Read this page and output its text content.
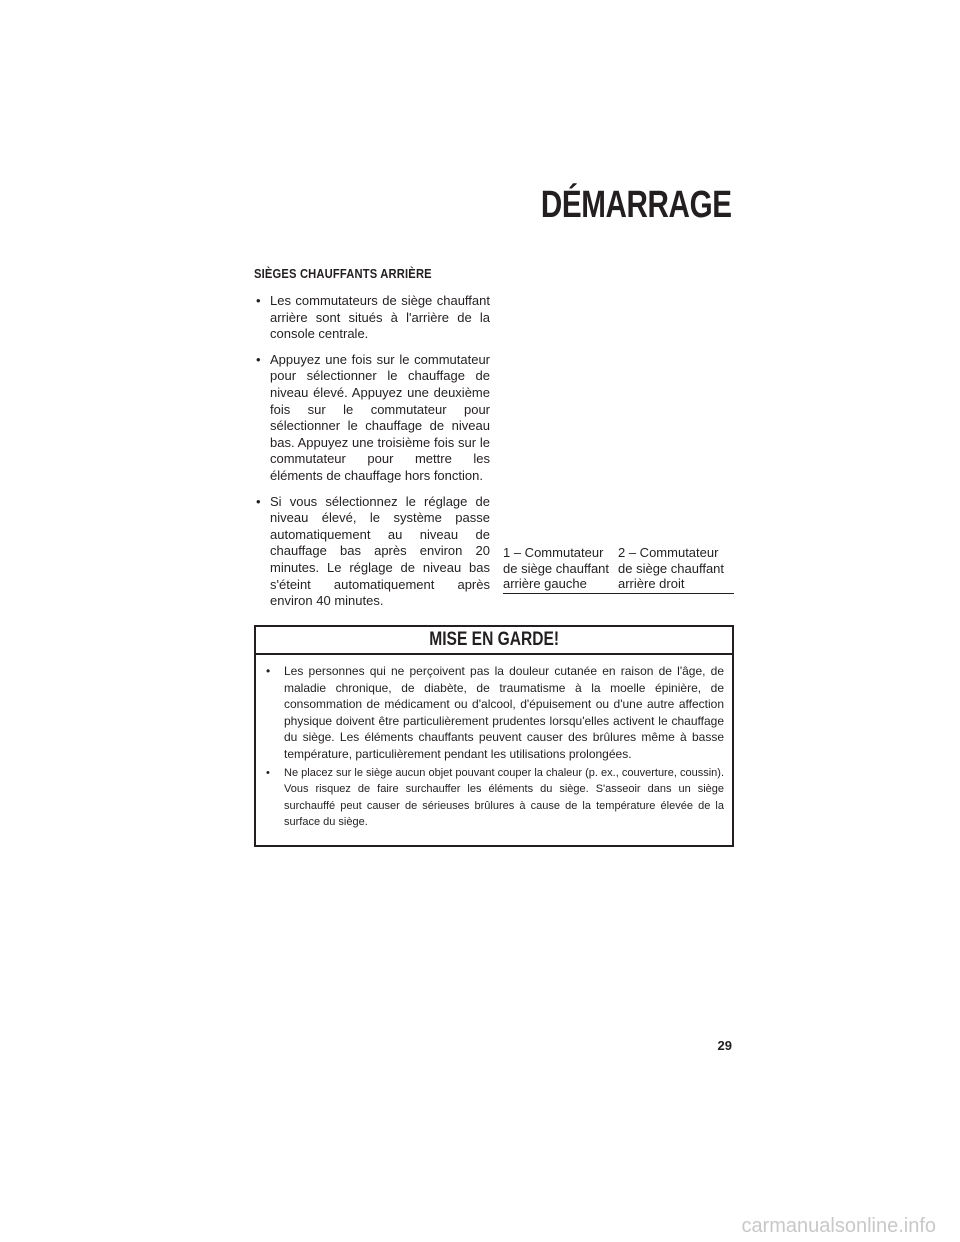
DÉMARRAGE
SIÈGES CHAUFFANTS ARRIÈRE
• Les commutateurs de siège chauffant arrière sont situés à l'arrière de la console centrale.
• Appuyez une fois sur le commutateur pour sélectionner le chauffage de niveau élevé. Appuyez une deuxième fois sur le commutateur pour sélectionner le chauffage de niveau bas. Appuyez une troisième fois sur le commutateur pour mettre les éléments de chauffage hors fonction.
• Si vous sélectionnez le réglage de niveau élevé, le système passe automatiquement au niveau de chauffage bas après environ 20 minutes. Le réglage de niveau bas s'éteint automatiquement après environ 40 minutes.
1 – Commutateur de siège chauffant arrière gauche
2 – Commutateur de siège chauffant arrière droit
MISE EN GARDE!
• Les personnes qui ne perçoivent pas la douleur cutanée en raison de l'âge, de maladie chronique, de diabète, de traumatisme à la moelle épinière, de consommation de médicament ou d'alcool, d'épuisement ou d'une autre affection physique doivent être particulièrement prudentes lorsqu'elles activent le chauffage du siège. Les éléments chauffants peuvent causer des brûlures même à basse température, particulièrement pendant les utilisations prolongées.
• Ne placez sur le siège aucun objet pouvant couper la chaleur (p. ex., couverture, coussin). Vous risquez de faire surchauffer les éléments du siège. S'asseoir dans un siège surchauffé peut causer de sérieuses brûlures à cause de la température élevée de la surface du siège.
29
carmanualsonline.info
